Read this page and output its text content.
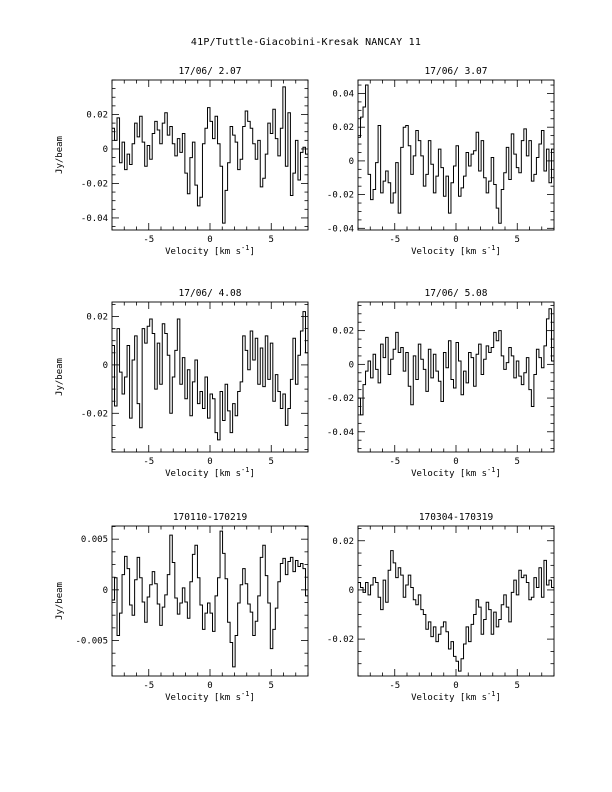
41P/Tuttle-Giacobini-Kresak NANCAY 11
-5	0	5
0.02
0
-0.02
-0.04
17/06/ 2.07
Velocity [km $s^{-1}$]
Jy/beam
-5	0	5
0.04
0.02
0
-0.02
-0.04
17/06/ 3.07
Velocity [km $s^{-1}$]
-5	0	5
0.02
0
-0.02
17/06/ 4.08
Velocity [km $s^{-1}$]
Jy/beam
-5	0	5
0.02
0
-0.02
-0.04
17/06/ 5.08
Velocity [km $s^{-1}$]
-5	0	5
0.005
0
-0.005
170110-170219
Velocity [km $s^{-1}$]
Jy/beam
-5	0	5
0.02
0
-0.02
170304-170319
Velocity [km $s^{-1}$]
